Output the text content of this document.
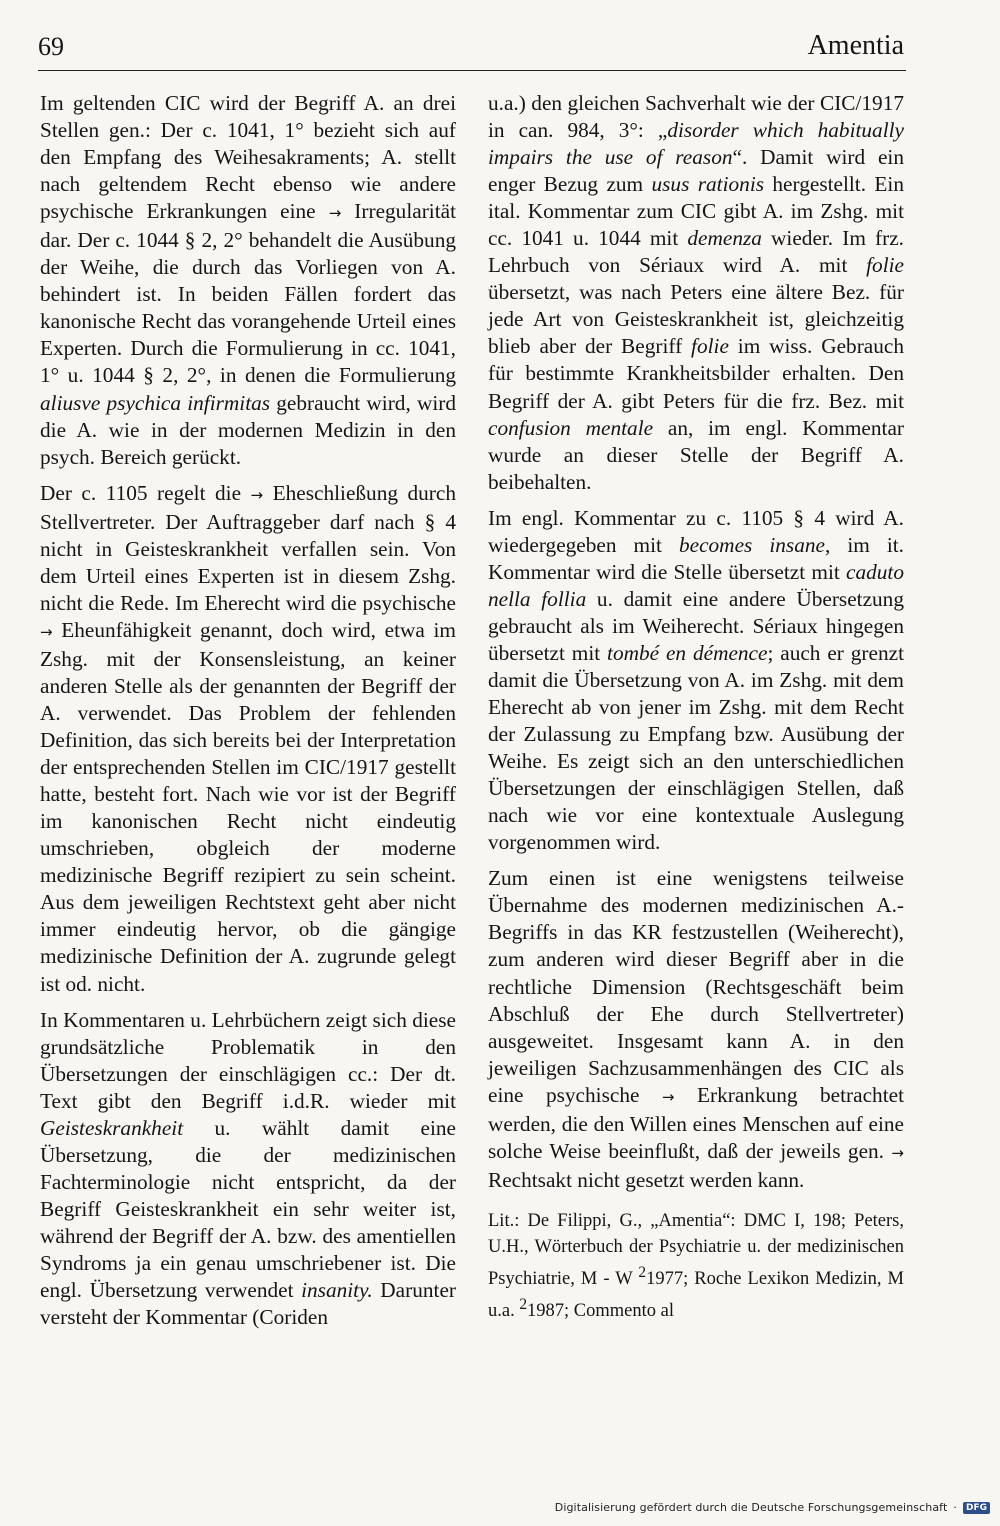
69	Amentia

Im geltenden CIC wird der Begriff A. an drei Stellen gen.: Der c. 1041, 1° bezieht sich auf den Empfang des Weihesakraments; A. stellt nach geltendem Recht ebenso wie andere psychische Erkrankungen eine → Irregularität dar. Der c. 1044 § 2, 2° behandelt die Ausübung der Weihe, die durch das Vorliegen von A. behindert ist. In beiden Fällen fordert das kanonische Recht das vorangehende Urteil eines Experten. Durch die Formulierung in cc. 1041, 1° u. 1044 § 2, 2°, in denen die Formulierung aliusve psychica infirmitas gebraucht wird, wird die A. wie in der modernen Medizin in den psych. Bereich gerückt.

Der c. 1105 regelt die → Eheschließung durch Stellvertreter. Der Auftraggeber darf nach § 4 nicht in Geisteskrankheit verfallen sein. Von dem Urteil eines Experten ist in diesem Zshg. nicht die Rede. Im Eherecht wird die psychische → Eheunfähigkeit genannt, doch wird, etwa im Zshg. mit der Konsensleistung, an keiner anderen Stelle als der genannten der Begriff der A. verwendet. Das Problem der fehlenden Definition, das sich bereits bei der Interpretation der entsprechenden Stellen im CIC/1917 gestellt hatte, besteht fort. Nach wie vor ist der Begriff im kanonischen Recht nicht eindeutig umschrieben, obgleich der moderne medizinische Begriff rezipiert zu sein scheint. Aus dem jeweiligen Rechtstext geht aber nicht immer eindeutig hervor, ob die gängige medizinische Definition der A. zugrunde gelegt ist od. nicht.

In Kommentaren u. Lehrbüchern zeigt sich diese grundsätzliche Problematik in den Übersetzungen der einschlägigen cc.: Der dt. Text gibt den Begriff i.d.R. wieder mit Geisteskrankheit u. wählt damit eine Übersetzung, die der medizinischen Fachterminologie nicht entspricht, da der Begriff Geisteskrankheit ein sehr weiter ist, während der Begriff der A. bzw. des amentiellen Syndroms ja ein genau umschriebener ist. Die engl. Übersetzung verwendet insanity. Darunter versteht der Kommentar (Coriden

u.a.) den gleichen Sachverhalt wie der CIC/1917 in can. 984, 3°: „disorder which habitually impairs the use of reason“. Damit wird ein enger Bezug zum usus rationis hergestellt. Ein ital. Kommentar zum CIC gibt A. im Zshg. mit cc. 1041 u. 1044 mit demenza wieder. Im frz. Lehrbuch von Sériaux wird A. mit folie übersetzt, was nach Peters eine ältere Bez. für jede Art von Geisteskrankheit ist, gleichzeitig blieb aber der Begriff folie im wiss. Gebrauch für bestimmte Krankheitsbilder erhalten. Den Begriff der A. gibt Peters für die frz. Bez. mit confusion mentale an, im engl. Kommentar wurde an dieser Stelle der Begriff A. beibehalten.

Im engl. Kommentar zu c. 1105 § 4 wird A. wiedergegeben mit becomes insane, im it. Kommentar wird die Stelle übersetzt mit caduto nella follia u. damit eine andere Übersetzung gebraucht als im Weiherecht. Sériaux hingegen übersetzt mit tombé en démence; auch er grenzt damit die Übersetzung von A. im Zshg. mit dem Eherecht ab von jener im Zshg. mit dem Recht der Zulassung zu Empfang bzw. Ausübung der Weihe. Es zeigt sich an den unterschiedlichen Übersetzungen der einschlägigen Stellen, daß nach wie vor eine kontextuale Auslegung vorgenommen wird.

Zum einen ist eine wenigstens teilweise Übernahme des modernen medizinischen A.-Begriffs in das KR festzustellen (Weiherecht), zum anderen wird dieser Begriff aber in die rechtliche Dimension (Rechtsgeschäft beim Abschluß der Ehe durch Stellvertreter) ausgeweitet. Insgesamt kann A. in den jeweiligen Sachzusammenhängen des CIC als eine psychische → Erkrankung betrachtet werden, die den Willen eines Menschen auf eine solche Weise beeinflußt, daß der jeweils gen. → Rechtsakt nicht gesetzt werden kann.

Lit.: De Filippi, G., „Amentia“: DMC I, 198; Peters, U.H., Wörterbuch der Psychiatrie u. der medizinischen Psychiatrie, M - W $^2$1977; Roche Lexikon Medizin, M u.a. $^2$1987; Commento al

Digitalisierung gefördert durch die Deutsche Forschungsgemeinschaft ·	DFG
